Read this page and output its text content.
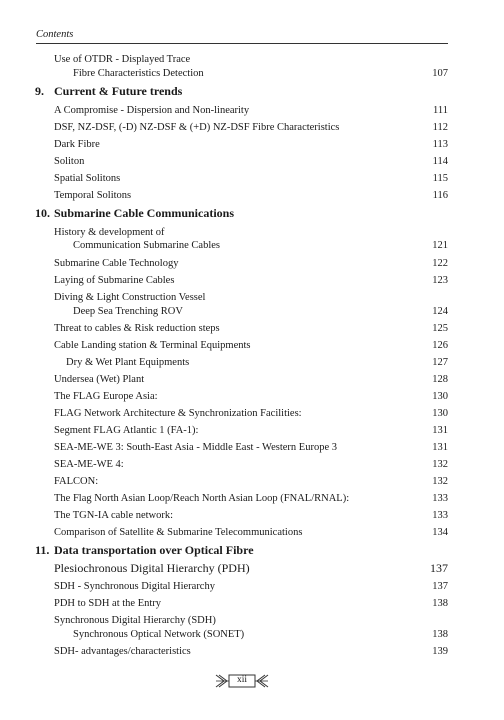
Contents
Use of OTDR - Displayed Trace
Fibre Characteristics Detection	107
9. Current & Future trends
A Compromise - Dispersion and Non-linearity	111
DSF, NZ-DSF, (-D) NZ-DSF & (+D) NZ-DSF Fibre Characteristics	112
Dark Fibre	113
Soliton	114
Spatial Solitons	115
Temporal Solitons	116
10. Submarine Cable Communications
History & development of
Communication Submarine Cables	121
Submarine Cable Technology	122
Laying of Submarine Cables	123
Diving & Light Construction Vessel
Deep Sea Trenching ROV	124
Threat to cables & Risk reduction steps	125
Cable Landing station & Terminal Equipments	126
Dry & Wet Plant Equipments	127
Undersea (Wet) Plant	128
The FLAG Europe Asia:	130
FLAG Network Architecture & Synchronization Facilities:	130
Segment FLAG Atlantic 1 (FA-1):	131
SEA-ME-WE 3: South-East Asia - Middle East - Western Europe 3	131
SEA-ME-WE 4:	132
FALCON:	132
The Flag North Asian Loop/Reach North Asian Loop (FNAL/RNAL):	133
The TGN-IA cable network:	133
Comparison of Satellite & Submarine Telecommunications	134
11. Data transportation over Optical Fibre
Plesiochronous Digital Hierarchy (PDH)	137
SDH - Synchronous Digital Hierarchy	137
PDH to SDH at the Entry	138
Synchronous Digital Hierarchy (SDH)
Synchronous Optical Network (SONET)	138
SDH- advantages/characteristics	139
xii
